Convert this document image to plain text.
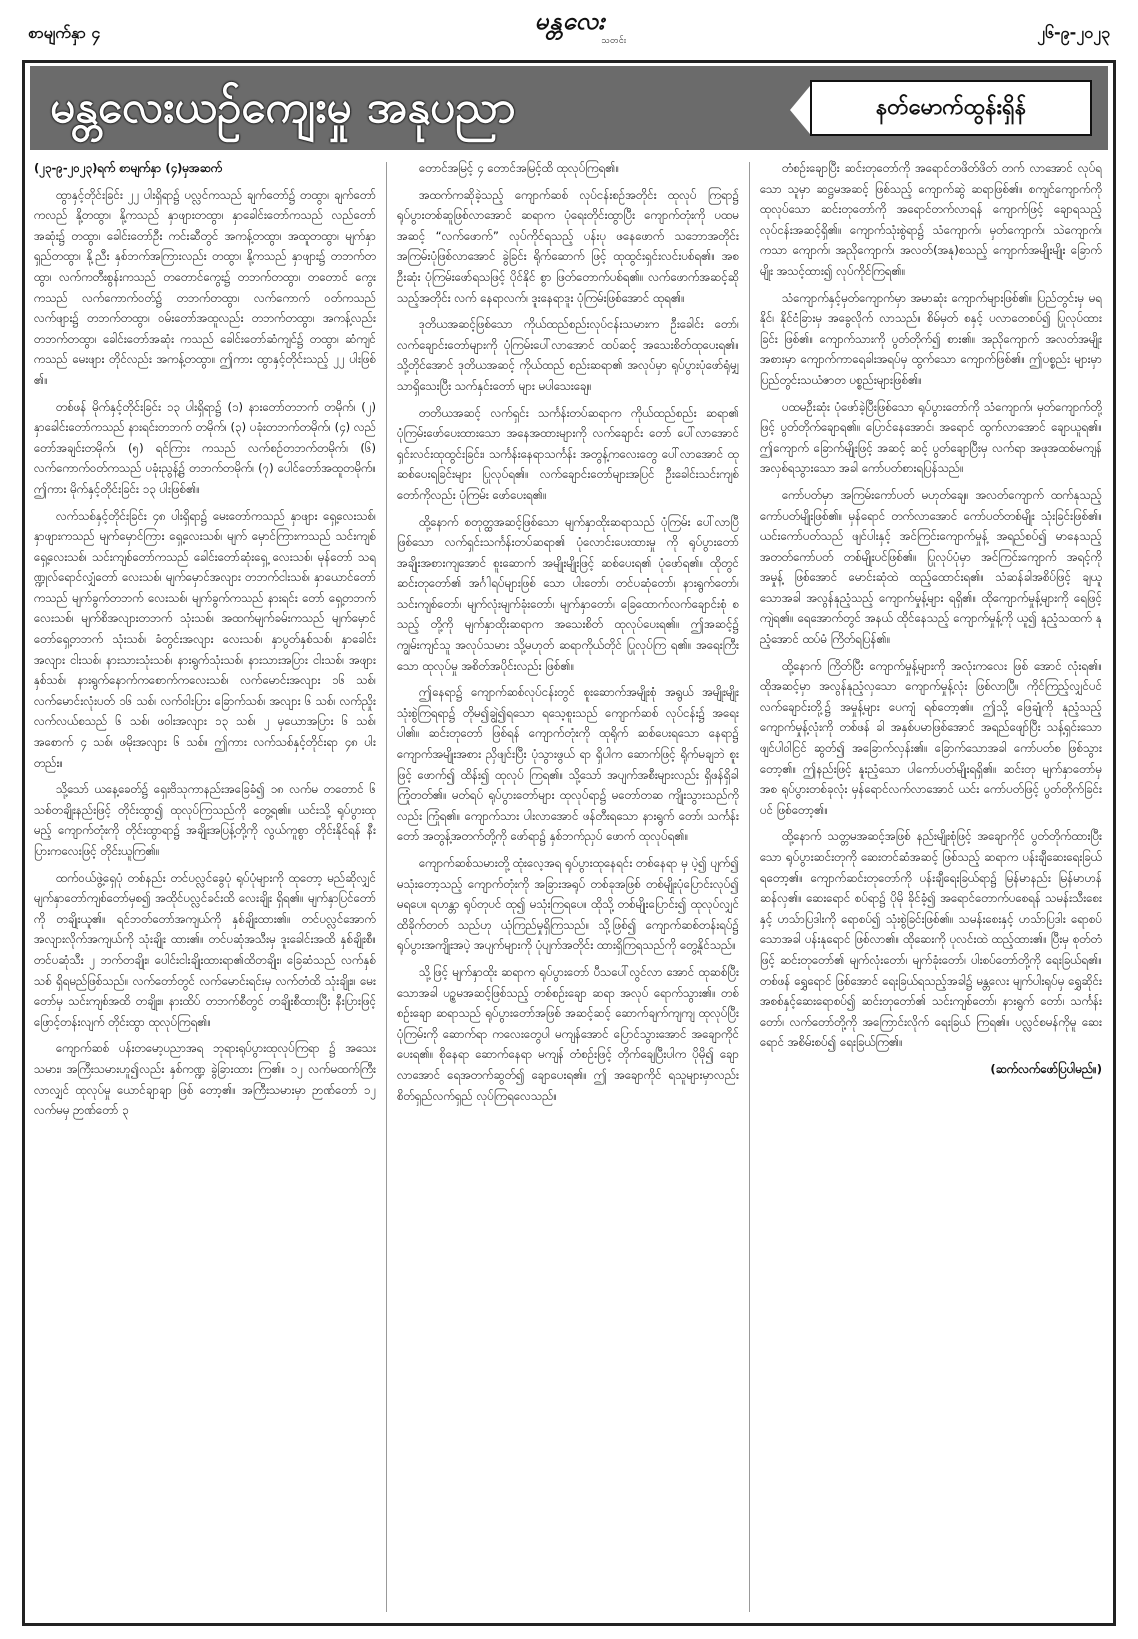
စာမျက်နှာ ၄	မန္တလေး
သတင်း	၂၆-၉-၂၀၂၃
မန္တလေးယဉ်ကျေးမှု အနုပညာ	နတ်မောက်ထွန်းရှိန်

(၂၃-၉-၂၀၂၃)ရက် စာမျက်နှာ (၄)မှအဆက်

ထွာနှင့်တိုင်းခြင်း ၂၂ ပါးရှိရာ၌ ပလ္လင်ကသည် ချက်တော်၌ တထွာ၊ ချက်တော်ကလည် နို့တထွာ၊ နို့ကသည် နှာဖျားတထွာ၊ နှာခေါင်းတော်ကသည် လည်တော်အဆုံး၌ တထွာ၊ ခေါင်းတော်ဦး ကင်းဆီတွင် အကန့်တထွာ၊ အထူတထွာ၊ မျက်နှာရှည်တထွာ၊ နို့ညီး နှစ်ဘက်အကြားလည်း တထွာ၊ နို့ကသည် နှာဖျား၌ တဘက်တထွာ၊ လက်ကတီးစွန်းကသည် တတောင်ကွေး၌ တဘက်တထွာ၊ တတောင် ကွေးကသည် လက်ကောက်ဝတ်၌ တဘက်တထွာ၊ လက်ကောက် ဝတ်ကသည် လက်ဖျား၌ တဘက်တထွာ၊ ဝမ်းတော်အထူလည်း တဘက်တထွာ၊ အကန့်လည်း တဘက်တထွာ၊ ခေါင်းတော်အဆုံး ကသည် ခေါင်းတော်ဆံကျင်၌ တထွာ၊ ဆံကျင်ကသည် မေးဖျား တိုင်လည်း အကန့်တထွာ။ ဤကား ထွာနှင့်တိုင်းသည့် ၂၂ ပါးဖြစ် ၏။

တစ်ဖန် မိုက်နှင့်တိုင်းခြင်း ၁၃ ပါးရှိရာ၌ (၁) နားတော်တဘက် တမိုက်၊ (၂) နှာခေါင်းတော်ကသည် နားရင်းတဘက် တမိုက်၊ (၃) ပခုံးတဘက်တမိုက်၊ (၄) လည်တော်အချင်းတမိုက်၊ (၅) ရင်ကြား ကသည် လက်စဉ်တဘက်တမိုက်၊ (၆) လက်ကောက်ဝတ်ကသည် ပခုံးညွန့်၌ တဘက်တမိုက်၊ (၇) ပေါင်တော်အထူတမိုက်။ ဤကား မိုက်နှင့်တိုင်းခြင်း ၁၃ ပါးဖြစ်၏။

လက်သစ်နှင့်တိုင်းခြင်း ၄၈ ပါးရှိရာ၌ မေးတော်ကသည် နှာဖျား ရှေ့လေးသစ်၊ နှာဖျားကသည် မျက်မှောင်ကြား ရှေ့လေးသစ်၊ မျက် မှောင်ကြားကသည် သင်းကျစ်ရှေ့လေးသစ်၊ သင်းကျစ်တော်ကသည် ခေါင်းတော်ဆုံးရှေ့ လေးသစ်၊ မုန်တော် သရဏ္ဍုလ်ရောင်လျှံတော် လေးသစ်၊ မျက်မှောင်အလျား တဘက်ငါးသစ်၊ နှာယောင်တော် ကသည် မျက်ခွက်တဘက် လေးသစ်၊ မျက်ခွက်ကသည် နားရင်း တော် ရှေ့တဘက် လေးသစ်၊ မျက်စိအလျားတဘက် သုံးသစ်၊ အထက်မျက်ခမ်းကသည် မျက်မှောင်တော်ရှေ့တဘက် သုံးသစ်၊ ခံတွင်းအလျား လေးသစ်၊ နှာပွတ်နှစ်သစ်၊ နှာခေါင်းအလျား ငါးသစ်၊ နားသားသုံးသစ်၊ နားရွက်သုံးသစ်၊ နားသားအပြား ငါးသစ်၊ အဖျား နှစ်သစ်၊ နားရွက်နောက်ကစောက်ကလေးသစ်၊ လက်မောင်းအလျား ၁၆ သစ်၊ လက်မောင်းလုံးပတ် ၁၆ သစ်၊ လက်ဝါးပြား ခြောက်သစ်၊ အလျား ၆ သစ်၊ လက်ညှိုးလက်လယ်စသည် ၆ သစ်၊ ဖဝါးအလျား ၁၃ သစ်၊ ၂ မှယောအပြား ၆ သစ်၊ အစောက် ၄ သစ်၊ ဖမိုးအလျား ၆ သစ်။ ဤကား လက်သစ်နှင့်တိုင်းရာ ၄၈ ပါးတည်း။

သို့သော် ယနေ့ခေတ်၌ ရှေးဗိသုကာနည်းအခြေခံ၍ ၁၈ လက်မ တတောင် ၆ သစ်တချိုးနည်းဖြင့် တိုင်းထွာ၍ ထုလုပ်ကြသည်ကို တွေ့ရ၏။ ယင်းသို့ ရုပ်ပွားထုမည့် ကျောက်တုံးကို တိုင်းထွာရာ၌ အချိုးအပြန့်တို့ကို လွယ်ကူစွာ တိုင်းနိုင်ရန် နီးပြားကလေးဖြင့် တိုင်းယူကြ၏။

ထက်ဝယ်ဖွဲ့ရှေပုံ တစ်နည်း တင်ပလ္လင်ခွေပုံ ရုပ်ပုံများကို ထုတော့ မည်ဆိုလျှင် မျက်နှာတော်ကျစ်တော်မှစ၍ အထိုင်ပလ္လင်ခင်းထိ လေးချိုး ရှိရ၏။ မျက်နှာပြင်တော်ကို တချိုးယူ၏။ ရင်ဘတ်တော်အကျယ်ကို နှစ်ချိုးထား၏။ တင်ပလ္လင်အောက် အလျားလိုက်အကျယ်ကို သုံးချိုး ထား၏။ တင်ပဆုံအသီးမှ ဒူးခေါင်းအထိ နှစ်ချိုးစီ။ တင်ပဆုံသီး ၂ ဘက်တချိုး၊ ပေါင်းငါးချိုးထားရာ၏ထိတချိုး၊ ခြေဆံသည် လက်နှစ် သစ် ရှိရမည်ဖြစ်သည်။ လက်တော်တွင် လက်မောင်းရင်းမှ လက်တံထိ သုံးချိုး။ မေးတော်မှ သင်းကျစ်အထိ တချိုး။ နားထိပ် တဘက်စီတွင် တချိုးစီထားပြီး နီးပြားဖြင့် ဖြောင့်တန်းလျက် တိုင်းထွာ ထုလုပ်ကြရ၏။

ကျောက်ဆစ် ပန်းတမော့ပညာအရ ဘုရားရုပ်ပွားထုလုပ်ကြရာ ၌ အသေးသမား၊ အကြီးသမားဟူ၍လည်း နှစ်ကဏ္ဍ ခွဲခြားထား ကြ၏။ ၁၂ လက်မထက်ကြီးလာလျှင် ထုလုပ်မှု ယောင်ချာချာ ဖြစ် တော့၏။ အကြီးသမားမှာ ဉာဏ်တော် ၁၂ လက်မမှ ဉာဏ်တော် ၃

တောင်အမြင့် ၄ တောင်အမြင့်ထိ ထုလုပ်ကြရ၏။

အထက်ကဆိုခဲ့သည့် ကျောက်ဆစ် လုပ်ငန်းစဉ်အတိုင်း ထုလုပ် ကြရာ၌ ရုပ်ပွားတစ်ဆူဖြစ်လာအောင် ဆရာက ပုံရေးတိုင်းထွာပြီး ကျောက်တုံးကို ပထမအဆင့် “လက်ဖောက်” လုပ်ကိုင်ရသည့် ပန်းပု ဖနေဖောက် သဘောအတိုင်း အကြမ်းပုံဖြစ်လာအောင် ခွဲခြင်း ရိုက်ဆောက် ဖြင့် ထုထွင်းရှင်းလင်းပစ်ရ၏။ အစဦးဆုံး ပုံကြမ်းဖော်ရသဖြင့် ပိုင်နိုင် စွာ ဖြတ်တောက်ပစ်ရ၏။ လက်ဖောက်အဆင့်ဆိုသည့်အတိုင်း လက် နေရာလက်၊ ဒူးနေရာဒူး ပုံကြမ်းဖြစ်အောင် ထုရ၏။

ဒုတိယအဆင့်ဖြစ်သော ကိုယ်ထည်စည်းလုပ်ငန်းသမားက ဦးခေါင်း တော်၊ လက်ချောင်းတော်များကို ပုံကြမ်းပေါ်လာအောင် ထပ်ဆင့် အသေးစိတ်ထုပေးရ၏။ သို့တိုင်အောင် ဒုတိယအဆင့် ကိုယ်ထည် စည်းဆရာ၏ အလုပ်မှာ ရုပ်ပွားပုံဖော်ရုံမျှသာရှိသေးပြီး သက်နှင်းတော် များ မပါသေးချေ။

တတိယအဆင့် လက်ရှင်း သင်္ကန်းတပ်ဆရာက ကိုယ်ထည်စည်း ဆရာ၏ ပုံကြမ်းဖော်ပေးထားသော အနေအထားများကို လက်ချောင်း တော် ပေါ်လာအောင် ရှင်းလင်းထုထွင်းခြင်း၊ သင်္ကန်းနေရာသင်္ကန်း အတွန့်ကလေးတွေ ပေါ်လာအောင် ထုဆစ်ပေးရခြင်းများ ပြုလုပ်ရ၏။ လက်ချောင်းတော်များအပြင် ဦးခေါင်းသင်းကျစ်တော်ကိုလည်း ပုံကြမ်း ဖော်ပေးရ၏။

ထို့နောက် စတုတ္ထအဆင့်ဖြစ်သော မျက်နှာထိုးဆရာသည် ပုံကြမ်း ပေါ်လာပြီဖြစ်သော လက်ရှင်းသင်္ကန်းတပ်ဆရာ၏ ပုံလောင်းပေးထားမှု ကို ရုပ်ပွားတော် အချိုးအစားကျအောင် စူးဆောက် အမျိုးမျိုးဖြင့် ဆစ်ပေးရ၏ ပုံဖော်ရ၏။ ထိုတွင် ဆင်းတုတော်၏ အင်္ဂါရပ်များဖြစ် သော ပါးတော်၊ တင်ပဆုံတော်၊ နားရွက်တော်၊ သင်းကျစ်တော်၊ မျက်လုံးမျက်ခုံးတော်၊ မျက်နှာတော်၊ ခြေထောက်လက်ချောင်းစုံ စသည့် တို့ကို မျက်နှာထိုးဆရာက အသေးစိတ် ထုလုပ်ပေးရ၏။ ဤအဆင့်၌ ကျွမ်းကျင်သူ အလုပ်သမား သို့မဟုတ် ဆရာကိုယ်တိုင် ပြုလုပ်ကြ ရ၏။ အရေးကြီးသော ထုလုပ်မှု အစိတ်အပိုင်းလည်း ဖြစ်၏။

ဤနေရာ၌ ကျောက်ဆစ်လုပ်ငန်းတွင် စူးဆောက်အမျိုးစုံ အရွယ် အမျိုးမျိုးသုံးစွဲကြရရာ၌ တိုမ၍ချွဲ၍ရသော ရသေ့စူးသည် ကျောက်ဆစ် လုပ်ငန်း၌ အရေးပါ၏။ ဆင်းတုတော် ဖြစ်ရန် ကျောက်တုံးကို ထုရိုက် ဆစ်ပေးရသော နေရာ၌ ကျောက်အမျိုးအစား ညှိဖျင်းပြီး ပုံသွားဖွယ် ရာ ရှိပါက ဆောက်ဖြင့် ရိုက်မချဘဲ စူးဖြင့် ဖောက်၍ ထိန်း၍ ထုလုပ် ကြရ၏။ သို့သော် အပျက်အစီးများလည်း ရှိဖန်ရှိခါ ကြုံတတ်၏။ မတ်ရပ် ရုပ်ပွားတော်များ ထုလုပ်ရာ၌ မတော်တဆ ကျိုးသွားသည်ကို လည်း ကြုံရ၏။ ကျောက်သား ပါးလာအောင် ဖန်တီးရသော နားရွက် တော်၊ သင်္ကန်းတော် အတွန့်အတက်တို့ကို ဖော်ရာ၌ နှစ်ဘက်ညှပ် ဖောက် ထုလုပ်ရ၏။

ကျောက်ဆစ်သမားတို့ ထုံးလေ့အရ ရုပ်ပွားထုနေရင်း တစ်နေရာ မှ ပဲ့၍ ပျက်၍ မသုံးတော့သည့် ကျောက်တုံးကို အခြားအရုပ် တစ်ခုအဖြစ် တစ်မျိုးပုံပြောင်းလုပ်၍ မရပေ။ ရဟန္တာ ရုပ်တုပင် ထု၍ မသုံးကြရပေ။ ထိုသို့ တစ်မျိုးပြောင်း၍ ထုလုပ်လျှင် ထိခိုက်တတ် သည်ဟု ယုံကြည်မှုရှိကြသည်။ သို့ဖြစ်၍ ကျောက်ဆစ်တန်းရပ်၌ ရုပ်ပွားအကျိုးအပဲ့ အပျက်များကို ပုံပျက်အတိုင်း ထားရှိကြရသည်ကို တွေ့နိုင်သည်။

သို့ဖြင့် မျက်နှာထိုး ဆရာက ရုပ်ပွားတော် ပီသပေါ်လွင်လာ အောင် ထုဆစ်ပြီးသောအခါ ပဉ္စမအဆင့်ဖြစ်သည့် တစ်စဉ်းချော ဆရာ အလုပ် ရောက်သွား၏။ တစ်စဉ်းချော ဆရာသည် ရုပ်ပွားတော်အဖြစ် အဆင့်ဆင့် ဆောက်ချက်ကျကျ ထုလုပ်ပြီး ပုံကြမ်းကို ဆောက်ရာ ကလေးတွေပါ မကျန်အောင် ပြောင်သွားအောင် အချောကိုင်ပေးရ၏။ စိုနေရာ ဆောက်နေရာ မကျန် တံစဉ်းဖြင့် တိုက်ချေပြီးပါက ပိုမို၍ ချောလာအောင် ရေအတက်ဆွတ်၍ ချောပေးရ၏။ ဤ အချောကိုင် ရသူများမှာလည်း စိတ်ရှည်လက်ရှည် လုပ်ကြရလေသည်။

တံစဉ်းချောပြီး ဆင်းတုတော်ကို အရောင်တဖိတ်ဖိတ် တက် လာအောင် လုပ်ရသော သူမှာ ဆဋ္ဌမအဆင့် ဖြစ်သည့် ကျောက်ဆွဲ ဆရာဖြစ်၏။ စကျင်ကျောက်ကို ထုလုပ်သော ဆင်းတုတော်ကို အရောင်တက်လာရန် ကျောက်ဖြင့် ချောရသည့် လုပ်ငန်းအဆင့်ရှိ၏။ ကျောက်သုံးစွဲရာ၌ သံကျောက်၊ မှတ်ကျောက်၊ သဲကျောက်၊ ကသာ ကျောက်၊ အညိုကျောက်၊ အလတ်(အနု)စသည့် ကျောက်အမျိုးမျိုး ခြောက်မျိုး အသင့်ထား၍ လုပ်ကိုင်ကြရ၏။

သံကျောက်နှင့်မှတ်ကျောက်မှာ အမာဆုံး ကျောက်များဖြစ်၏။ ပြည်တွင်းမှ မရနိုင်၊ နိုင်ငံခြားမှ အခွေလိုက် လာသည်။ စိမ်မှတ် စနှင့် ပလာတေစပ်၍ ပြုလုပ်ထားခြင်း ဖြစ်၏။ ကျောက်သားကို ပွတ်တိုက်၍ စား၏။ အညိုကျောက် အလတ်အမျိုးအစားမှာ ကျောက်ကာရေခါးအရပ်မှ ထွက်သော ကျောက်ဖြစ်၏။ ဤပစ္စည်း များမှာ ပြည်တွင်းသယံဇာတ ပစ္စည်းများဖြစ်၏။

ပထမဦးဆုံး ပုံဖော်ခဲ့ပြီးဖြစ်သော ရုပ်ပွားတော်ကို သံကျောက်၊ မှတ်ကျောက်တို့ဖြင့် ပွတ်တိုက်ချောရ၏။ ပြောင်နေအောင်၊ အရောင် ထွက်လာအောင် ချောယူရ၏။ ဤကျောက် ခြောက်မျိုးဖြင့် အဆင့် ဆင့် ပွတ်ချောပြီးမှ လက်ရာ အဖုအထစ်မကျန် အလှစ်ရသွားသော အခါ ကော်ပတ်စားရပြန်သည်။

ကော်ပတ်မှာ အကြမ်းကော်ပတ် မဟုတ်ချေ။ အလတ်ကျောက် ထက်နုသည့် ကော်ပတ်မျိုးဖြစ်၏။ မှန်ရောင် တက်လာအောင် ကော်ပတ်တစ်မျိုး သုံးခြင်းဖြစ်၏။ ယင်းကော်ပတ်သည် ဖျင်ပါးနှင့် အင်ကြင်းကျောက်မှုန့် အရည်စပ်၍ မာနေသည့် အတတ်ကော်ပတ် တစ်မျိုးပင်ဖြစ်၏။ ပြုလုပ်ပုံမှာ အင်ကြင်းကျောက် အရင့်ကို အမှုန့် ဖြစ်အောင် မောင်းဆုံထဲ ထည့်ထောင်းရ၏။ သံဆန်ခါအစိပ်ဖြင့် ချယူသောအခါ အလွန်နုညံ့သည့် ကျောက်မှုန့်များ ရရှိ၏။ ထိုကျောက်မှုန့်များကို ရေဖြင့် ကျဲရ၏။ ရေအောက်တွင် အနယ် ထိုင်နေသည့် ကျောက်မှုန့်ကို ယူ၍ နုညံ့သထက် နုညံ့အောင် ထပ်မံ ကြိတ်ရပြန်၏။

ထို့နောက် ကြိတ်ပြီး ကျောက်မှုန့်များကို အလုံးကလေး ဖြစ် အောင် လုံးရ၏။ ထိုအဆင့်မှာ အလွန်နုညံ့လှသော ကျောက်မှုန့်လုံး ဖြစ်လာပြီ။ ကိုင်ကြည့်လျှင်ပင် လက်ချောင်းတို့၌ အမှုန့်များ ပေကျံ ရစ်တော့၏။ ဤသို့ ဖြေချုံကို နုညံ့သည့် ကျောက်မှုန့်လုံးကို တစ်ဖန် ခါ အနှစ်ပမာဖြစ်အောင် အရည်ဖျော်ပြီး သန့်ရှင်းသော ဖျင်ပါဝါငြင် ဆွတ်၍ အခြောက်လှန်း၏။ ခြောက်သောအခါ ကော်ပတ်စ ဖြစ်သွား တော့၏။ ဤနည်းဖြင့် နူးညံ့သော ပါကော်ပတ်မျိုးရရှိ၏။ ဆင်းတု မျက်နှာတော်မှအစ ရုပ်ပွားတစ်ခုလုံး မှန်ရောင်လက်လာအောင် ယင်း ကော်ပတ်ဖြင့် ပွတ်တိုက်ခြင်းပင် ဖြစ်တော့၏။

ထို့နောက် သတ္တမအဆင့်အဖြစ် နည်းမျိုးစုံဖြင့် အချောကိုင် ပွတ်တိုက်ထားပြီးသော ရုပ်ပွားဆင်းတုကို ဆေးတင်ဆံအဆင့် ဖြစ်သည့် ဆရာက ပန်းချီဆေးရေးခြယ်ရတော့၏။ ကျောက်ဆင်းတုတော်ကို ပန်းချီရေးခြယ်ရာ၌ မြန်မာနည်း မြန်မာဟန် ဆန်လှ၏။ ဆေးရောင် စပ်ရာ၌ ပိုမို ခိုင်ခံ့၍ အရောင်တောက်ပစေရန် သမန်းသီးစေးနှင့် ဟသ်ာပြဒါးကို ရောစပ်၍ သုံးစွဲခြင်းဖြစ်၏။ သမန်းစေးနှင့် ဟသ်ာပြဒါး ရောစပ်သောအခါ ပန်းနုရောင် ဖြစ်လာ၏။ ထိုဆေးကို ပုလင်းထဲ ထည့်ထား၏။ ပြီးမှ စုတ်တံဖြင့် ဆင်းတုတော်၏ မျက်လုံးတော်၊ မျက်ခုံးတော်၊ ပါးစပ်တော်တို့ကို ရေးခြယ်ရ၏။ တစ်ဖန် ရွှေရောင် ဖြစ်အောင် ရေးခြယ်ရသည့်အခါ၌ မန္တလေး မျက်ပါးရုပ်မှ ရွှေဆိုင်း အစစ်နှင့်ဆေးရောစပ်၍ ဆင်းတုတော်၏ သင်းကျစ်တော်၊ နားရွက် တော်၊ သင်္ကန်းတော်၊ လက်တော်တို့ကို အကြောင်းလိုက် ရေးခြယ် ကြရ၏။ ပလ္လင်စမန်ကိုမူ ဆေးရောင် အစိမ်းစပ်၍ ရေးခြယ်ကြ၏။

(ဆက်လက်ဖော်ပြပါမည်။)
